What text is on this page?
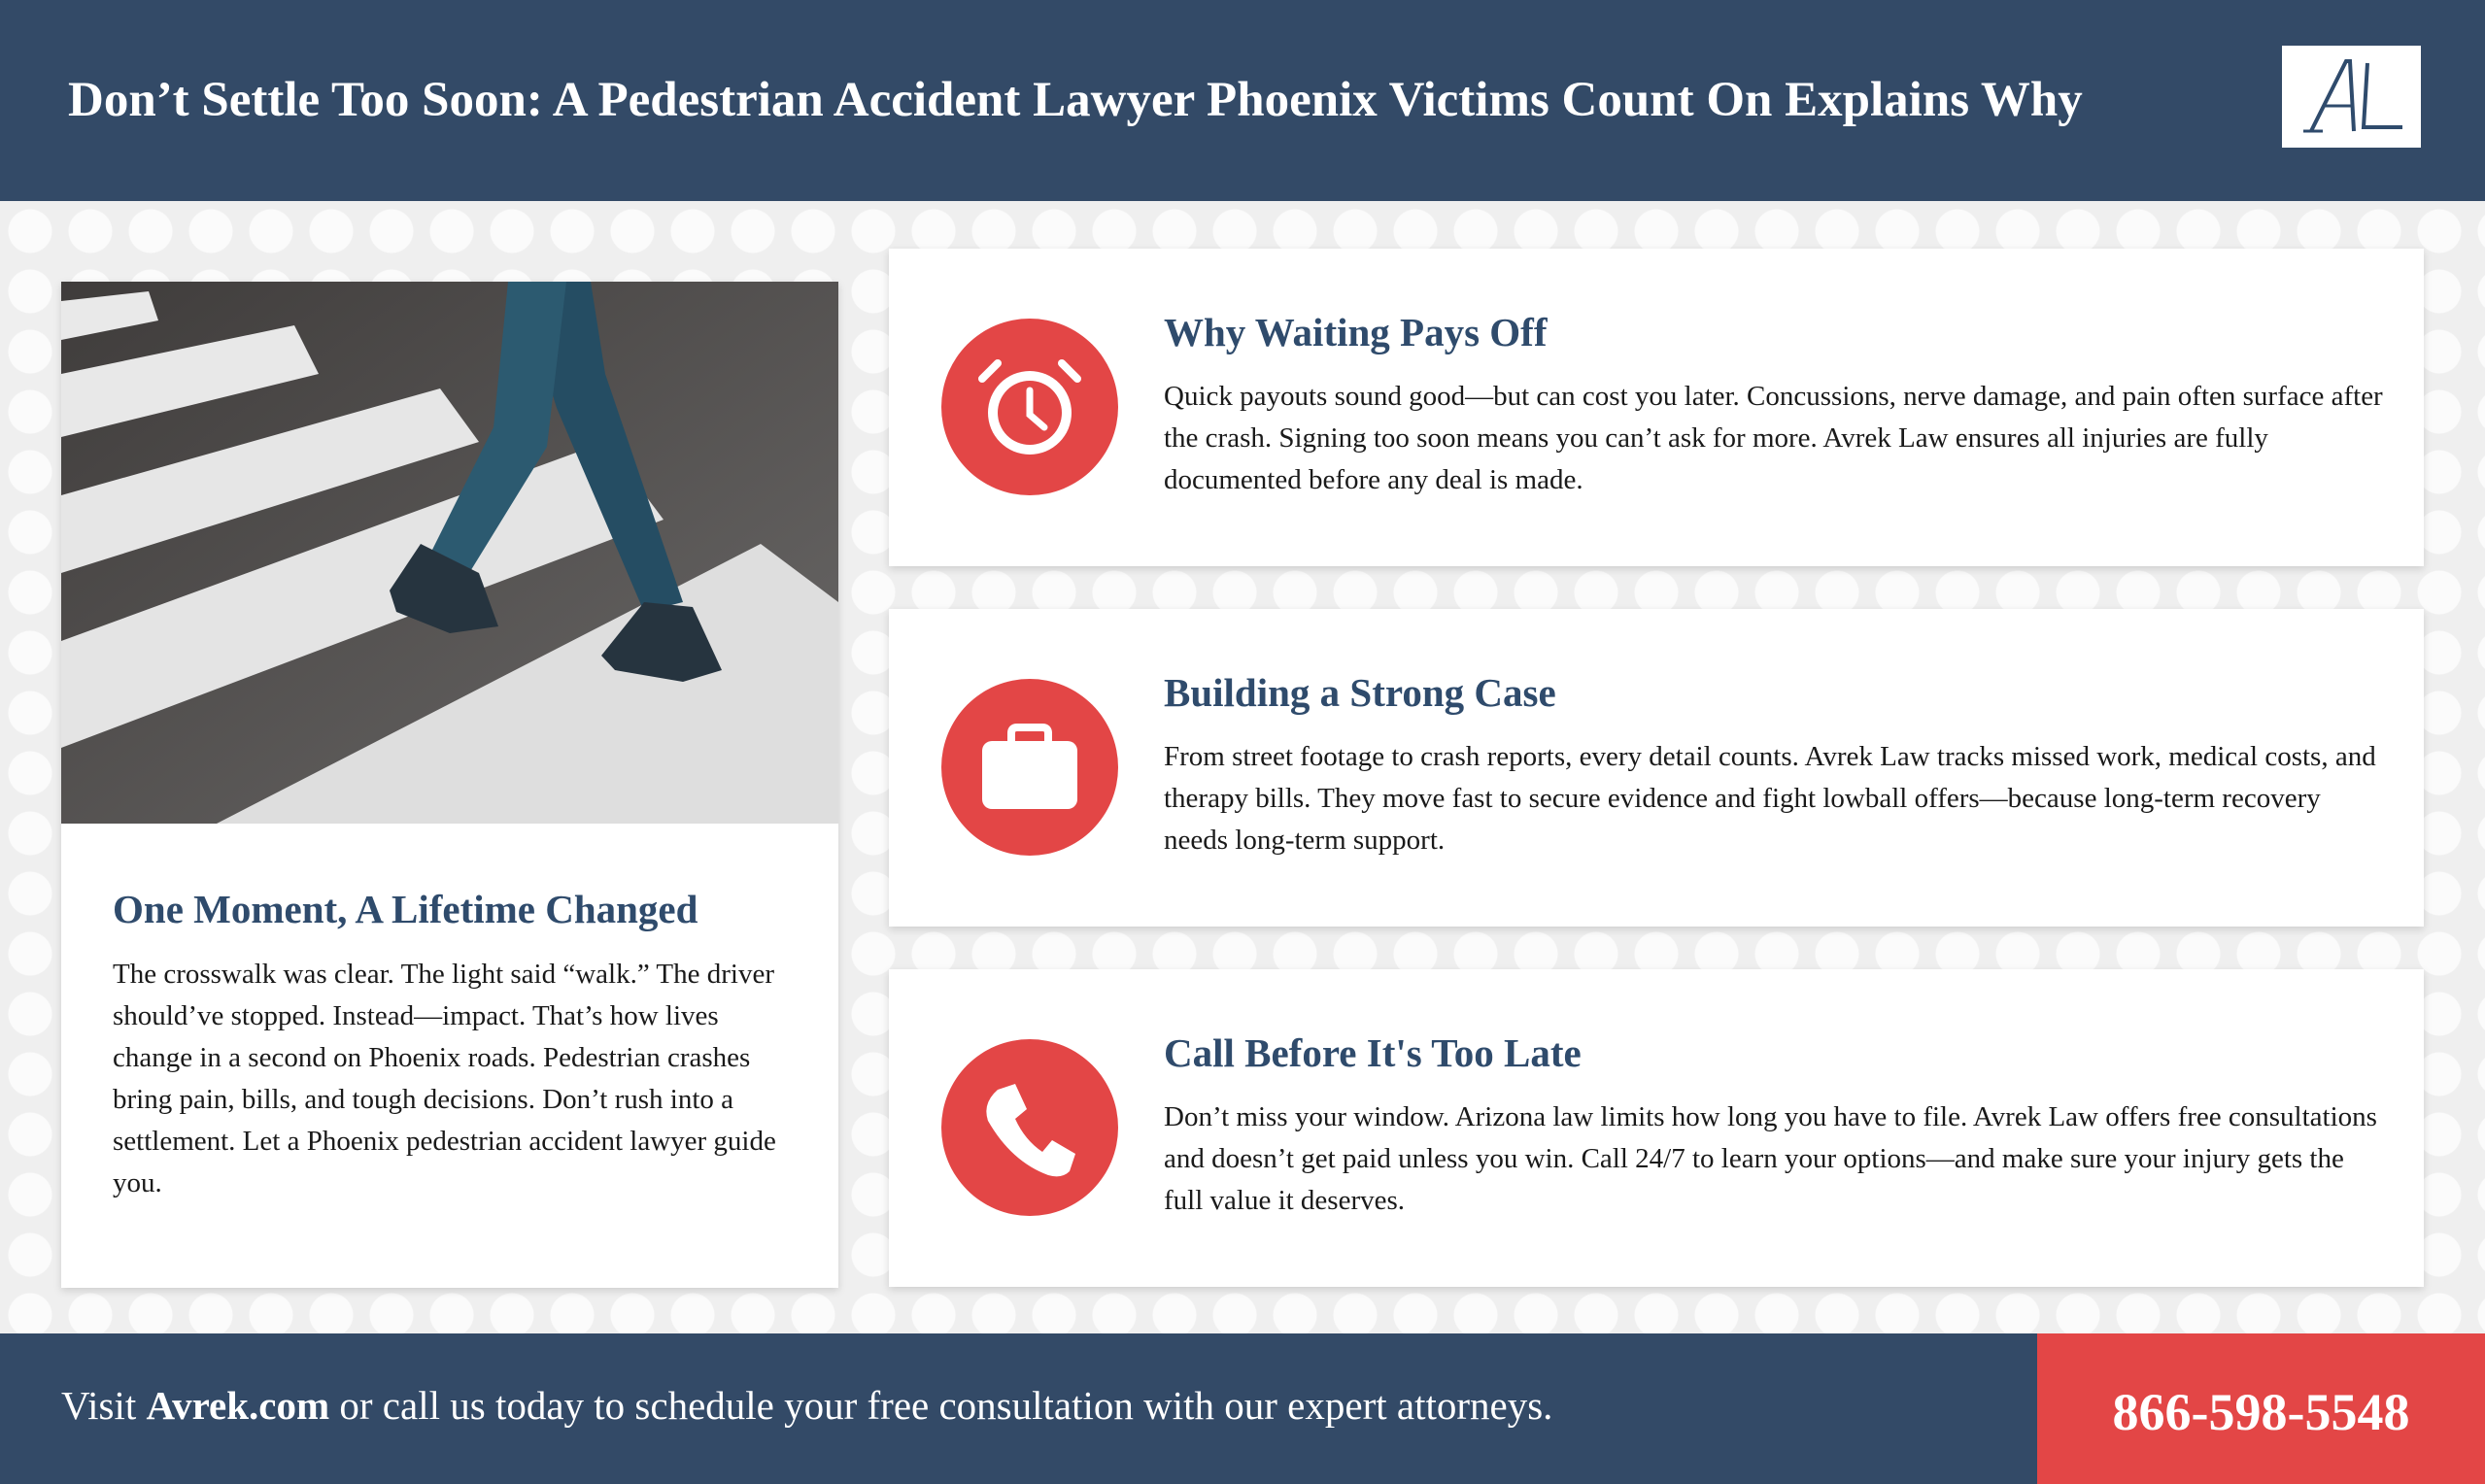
Don’t Settle Too Soon: A Pedestrian Accident Lawyer Phoenix Victims Count On Explains Why
One Moment, A Lifetime Changed

The crosswalk was clear. The light said “walk.” The driver should’ve stopped. Instead—impact. That’s how lives change in a second on Phoenix roads. Pedestrian crashes bring pain, bills, and tough decisions. Don’t rush into a settlement. Let a Phoenix pedestrian accident lawyer guide you.

Why Waiting Pays Off

Quick payouts sound good—but can cost you later. Concussions, nerve damage, and pain often surface after the crash. Signing too soon means you can’t ask for more. Avrek Law ensures all injuries are fully documented before any deal is made.

Building a Strong Case

From street footage to crash reports, every detail counts. Avrek Law tracks missed work, medical costs, and therapy bills. They move fast to secure evidence and fight lowball offers—because long-term recovery needs long-term support.

Call Before It's Too Late

Don’t miss your window. Arizona law limits how long you have to file. Avrek Law offers free consultations and doesn’t get paid unless you win. Call 24/7 to learn your options—and make sure your injury gets the full value it deserves.

Visit Avrek.com or call us today to schedule your free consultation with our expert attorneys.	866-598-5548
